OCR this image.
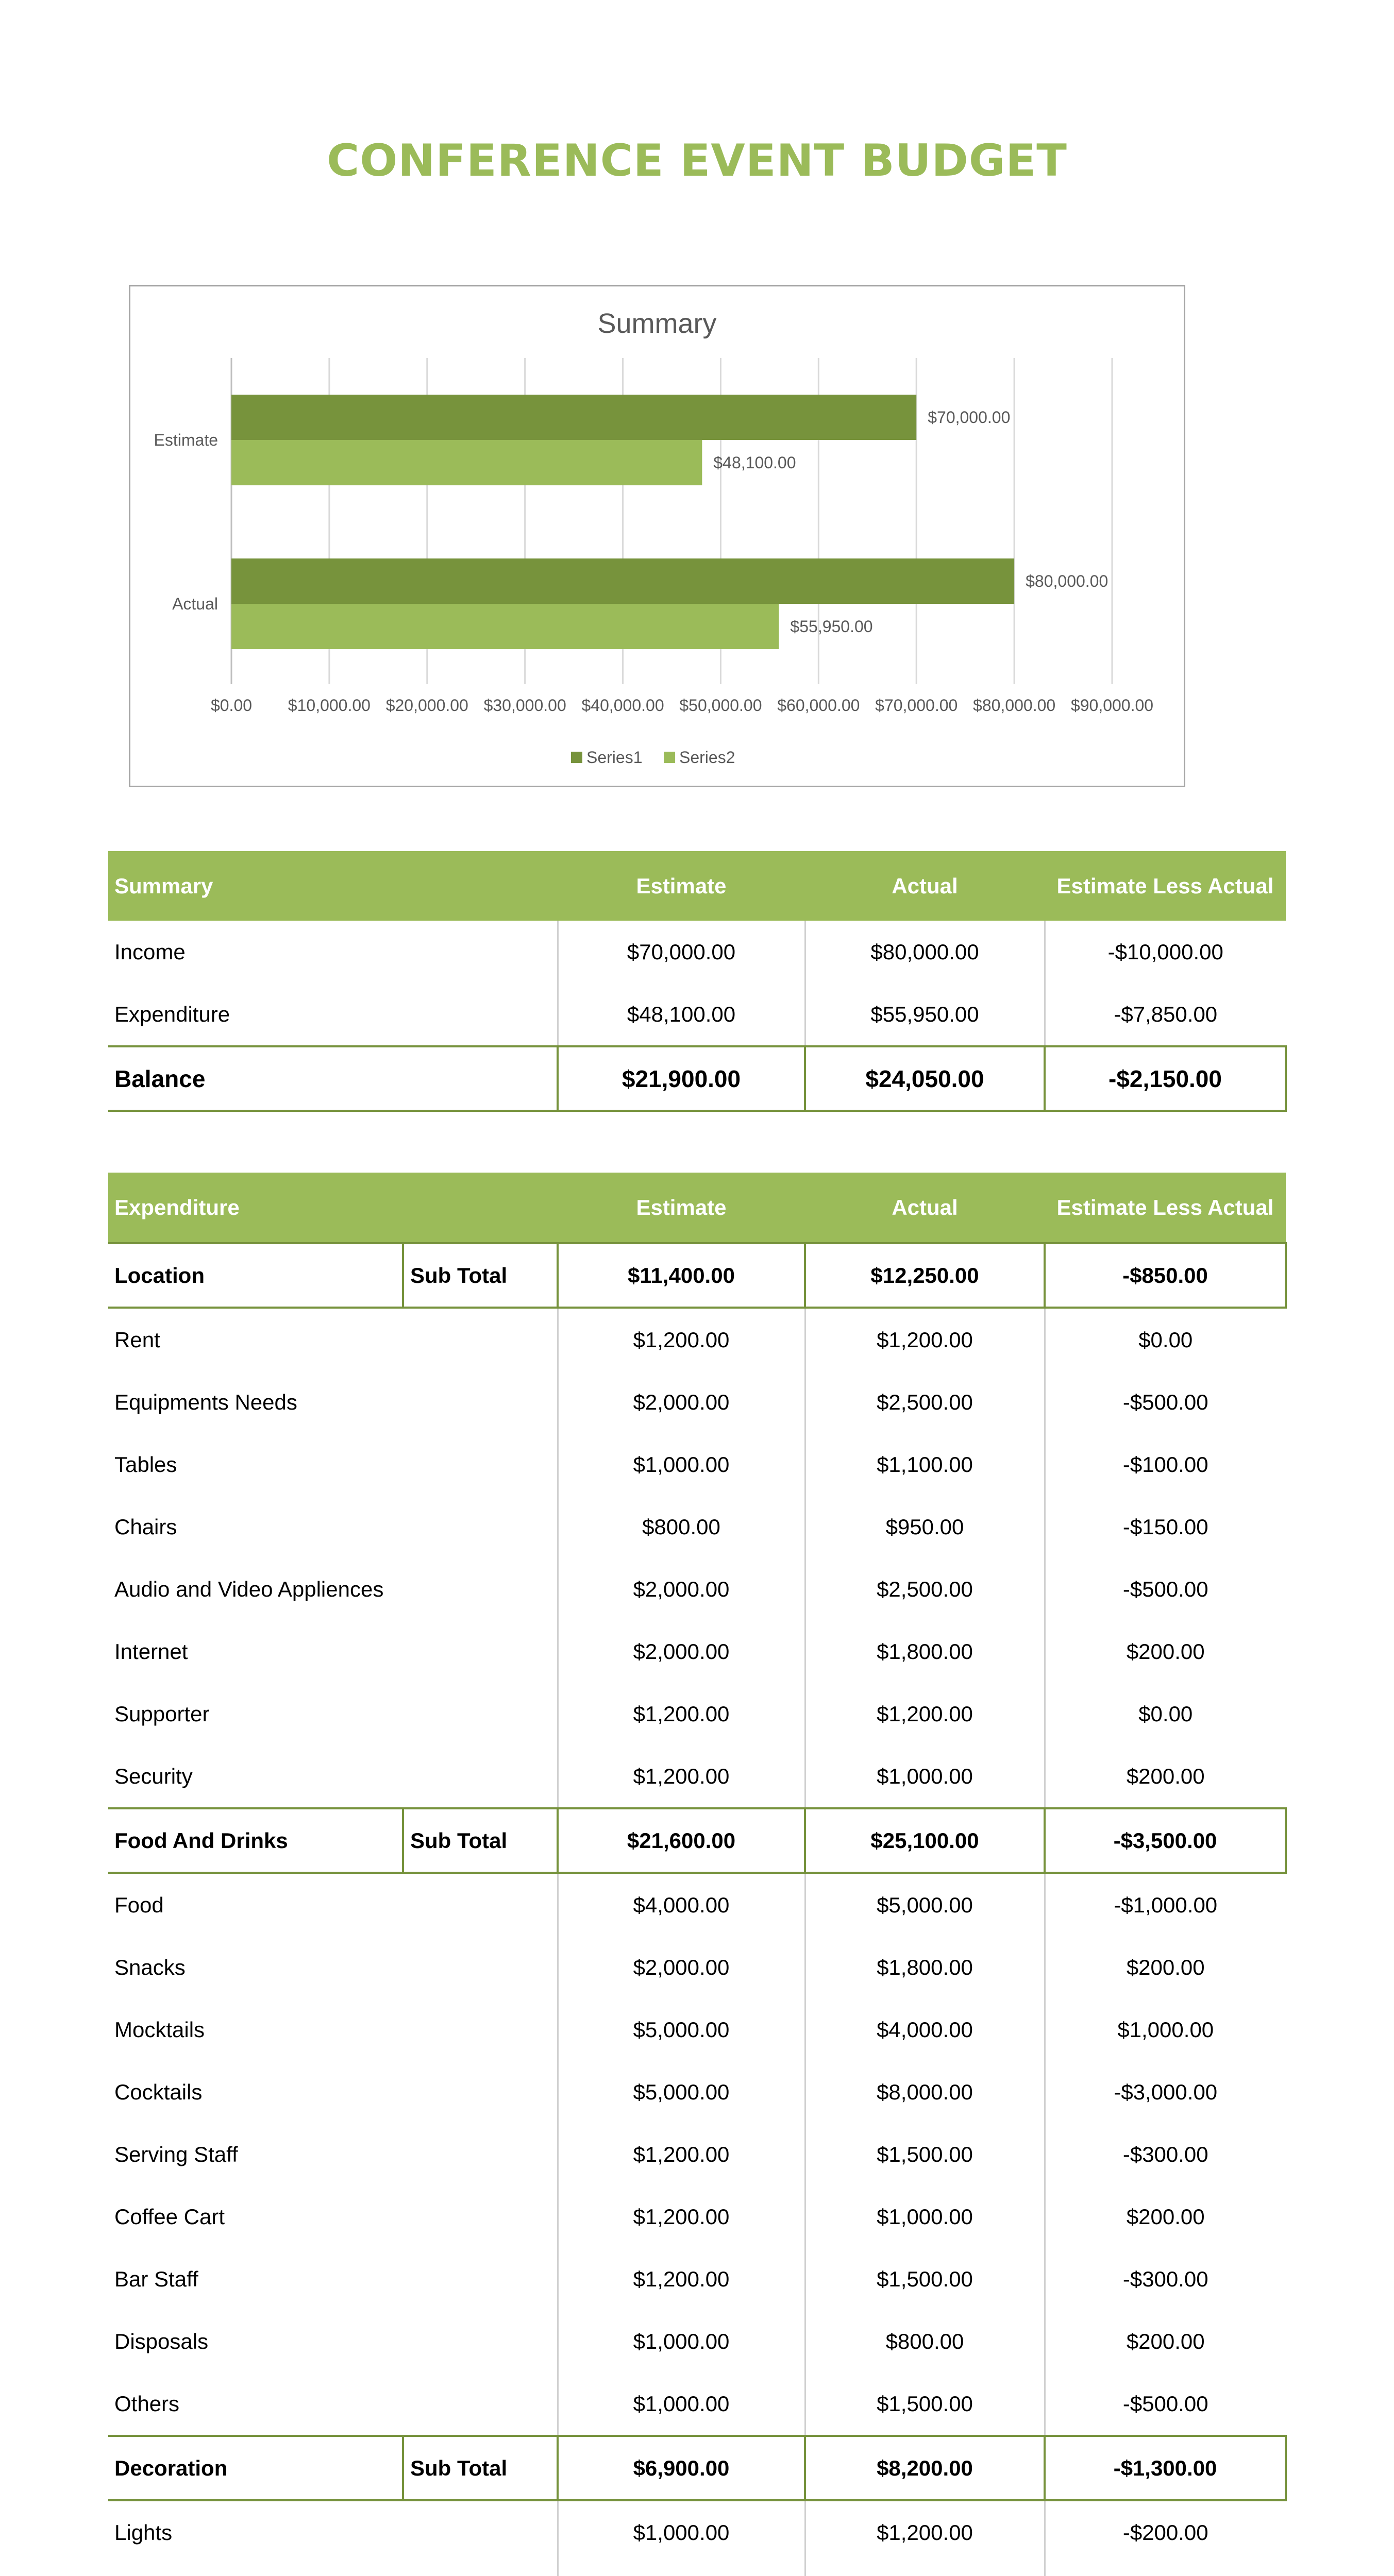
CONFERENCE EVENT BUDGET
Summary
$0.00 $10,000.00 $20,000.00 $30,000.00 $40,000.00 $50,000.00 $60,000.00 $70,000.00 $80,000.00 $90,000.00
Estimate
$70,000.00
$48,100.00
Actual
$80,000.00
$55,950.00
Series1 Series2
Summary	Estimate	Actual	Estimate Less Actual
Income	$70,000.00	$80,000.00	-$10,000.00
Expenditure	$48,100.00	$55,950.00	-$7,850.00
Balance	$21,900.00	$24,050.00	-$2,150.00
Expenditure		Estimate	Actual	Estimate Less Actual
Location	Sub Total	$11,400.00	$12,250.00	-$850.00
Rent		$1,200.00	$1,200.00	$0.00
Equipments Needs		$2,000.00	$2,500.00	-$500.00
Tables		$1,000.00	$1,100.00	-$100.00
Chairs		$800.00	$950.00	-$150.00
Audio and Video Appliences		$2,000.00	$2,500.00	-$500.00
Internet		$2,000.00	$1,800.00	$200.00
Supporter		$1,200.00	$1,200.00	$0.00
Security		$1,200.00	$1,000.00	$200.00
Food And Drinks	Sub Total	$21,600.00	$25,100.00	-$3,500.00
Food		$4,000.00	$5,000.00	-$1,000.00
Snacks		$2,000.00	$1,800.00	$200.00
Mocktails		$5,000.00	$4,000.00	$1,000.00
Cocktails		$5,000.00	$8,000.00	-$3,000.00
Serving Staff		$1,200.00	$1,500.00	-$300.00
Coffee Cart		$1,200.00	$1,000.00	$200.00
Bar Staff		$1,200.00	$1,500.00	-$300.00
Disposals		$1,000.00	$800.00	$200.00
Others		$1,000.00	$1,500.00	-$500.00
Decoration	Sub Total	$6,900.00	$8,200.00	-$1,300.00
Lights		$1,000.00	$1,200.00	-$200.00
